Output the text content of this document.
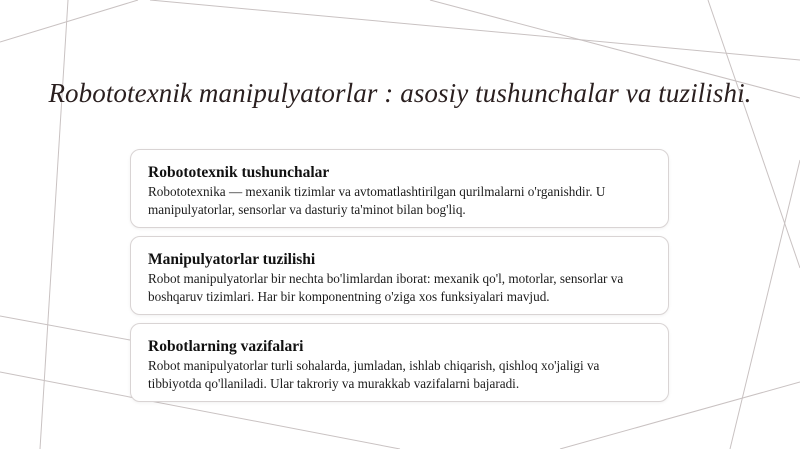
Robototexnik manipulyatorlar : asosiy tushunchalar va tuzilishi.
Robototexnik tushunchalar
Robototexnika — mexanik tizimlar va avtomatlashtirilgan qurilmalarni o'rganishdir. U manipulyatorlar, sensorlar va dasturiy ta'minot bilan bog'liq.
Manipulyatorlar tuzilishi
Robot manipulyatorlar bir nechta bo'limlardan iborat: mexanik qo'l, motorlar, sensorlar va boshqaruv tizimlari. Har bir komponentning o'ziga xos funksiyalari mavjud.
Robotlarning vazifalari
Robot manipulyatorlar turli sohalarda, jumladan, ishlab chiqarish, qishloq xo'jaligi va tibbiyotda qo'llaniladi. Ular takroriy va murakkab vazifalarni bajaradi.
